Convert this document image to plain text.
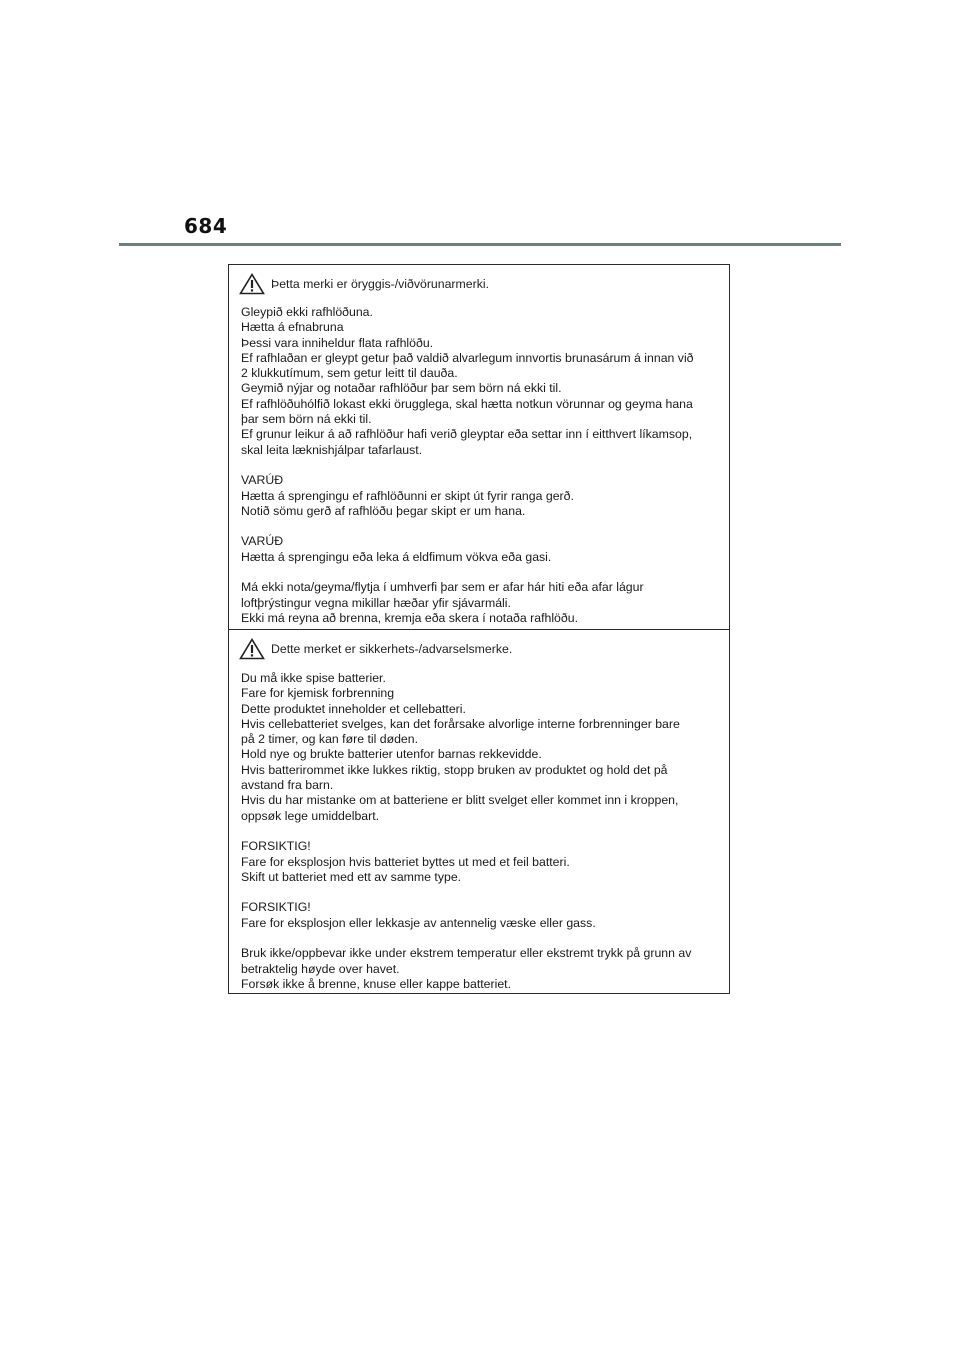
684
Þetta merki er öryggis-/viðvörunarmerki.
Gleypið ekki rafhlöðuna.
Hætta á efnabruna
Þessi vara inniheldur flata rafhlöðu.
Ef rafhlaðan er gleypt getur það valdið alvarlegum innvortis brunasárum á innan við
2 klukkutímum, sem getur leitt til dauða.
Geymið nýjar og notaðar rafhlöður þar sem börn ná ekki til.
Ef rafhlöðuhólfið lokast ekki örugglega, skal hætta notkun vörunnar og geyma hana
þar sem börn ná ekki til.
Ef grunur leikur á að rafhlöður hafi verið gleyptar eða settar inn í eitthvert líkamsop,
skal leita læknishjálpar tafarlaust.
VARÚÐ
Hætta á sprengingu ef rafhlöðunni er skipt út fyrir ranga gerð.
Notið sömu gerð af rafhlöðu þegar skipt er um hana.
VARÚÐ
Hætta á sprengingu eða leka á eldfimum vökva eða gasi.
Má ekki nota/geyma/flytja í umhverfi þar sem er afar hár hiti eða afar lágur
loftþrýstingur vegna mikillar hæðar yfir sjávarmáli.
Ekki má reyna að brenna, kremja eða skera í notaða rafhlöðu.
Dette merket er sikkerhets-/advarselsmerke.
Du må ikke spise batterier.
Fare for kjemisk forbrenning
Dette produktet inneholder et cellebatteri.
Hvis cellebatteriet svelges, kan det forårsake alvorlige interne forbrenninger bare
på 2 timer, og kan føre til døden.
Hold nye og brukte batterier utenfor barnas rekkevidde.
Hvis batterirommet ikke lukkes riktig, stopp bruken av produktet og hold det på
avstand fra barn.
Hvis du har mistanke om at batteriene er blitt svelget eller kommet inn i kroppen,
oppsøk lege umiddelbart.
FORSIKTIG!
Fare for eksplosjon hvis batteriet byttes ut med et feil batteri.
Skift ut batteriet med ett av samme type.
FORSIKTIG!
Fare for eksplosjon eller lekkasje av antennelig væske eller gass.
Bruk ikke/oppbevar ikke under ekstrem temperatur eller ekstremt trykk på grunn av
betraktelig høyde over havet.
Forsøk ikke å brenne, knuse eller kappe batteriet.
